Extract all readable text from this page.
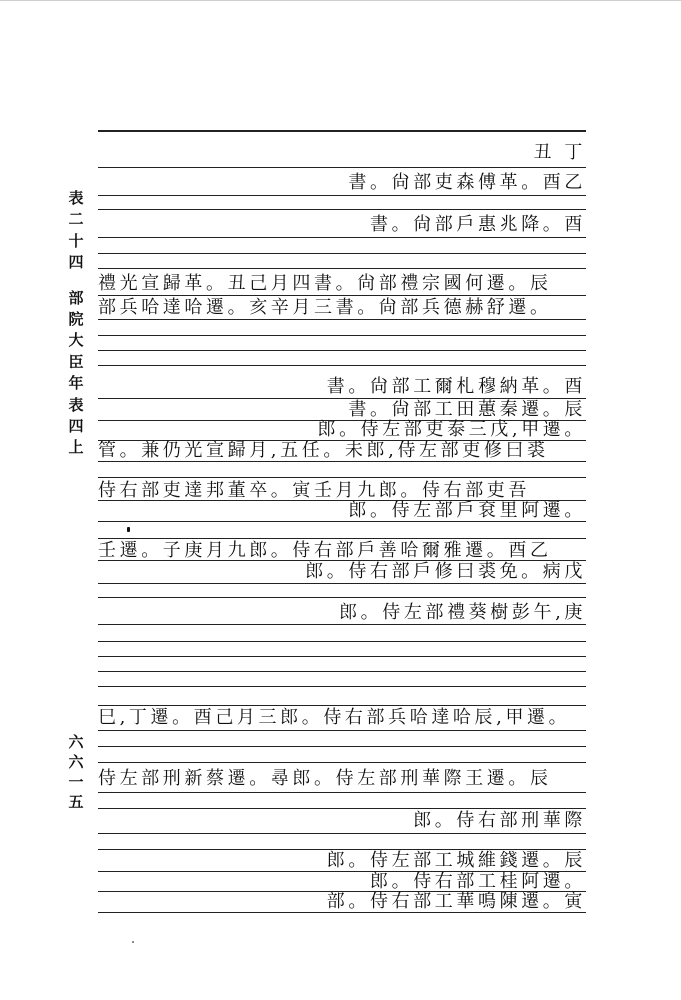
表
二
十
四
部
院
大
臣
年
表
四
上
六
六
一
五
丑 丁
書。尙部吏森傅革。酉乙
書。尙部戶惠兆降。酉
禮光宣歸革。丑己月四書。尙部禮宗國何遷。辰
部兵哈達哈遷。亥辛月三書。尙部兵德赫舒遷。
書。尙部工爾札穆納革。酉
書。尙部工田蕙秦遷。辰
郎。侍左部吏泰三戊,甲遷。
管。兼仍光宣歸月,五任。未郎,侍左部吏修曰裘
侍右部吏達邦董卒。寅壬月九郎。侍右部吏吾
郎。侍左部戶袞里阿遷。
壬遷。子庚月九郎。侍右部戶善哈爾雅遷。酉乙
郎。侍右部戶修曰裘免。病戊
郎。侍左部禮葵樹彭午,庚
巳,丁遷。酉己月三郎。侍右部兵哈達哈辰,甲遷。
侍左部刑新蔡遷。尋郎。侍左部刑華際王遷。辰
郎。侍右部刑華際
郎。侍左部工城維錢遷。辰
郎。侍右部工桂阿遷。
部。侍右部工華鳴陳遷。寅
